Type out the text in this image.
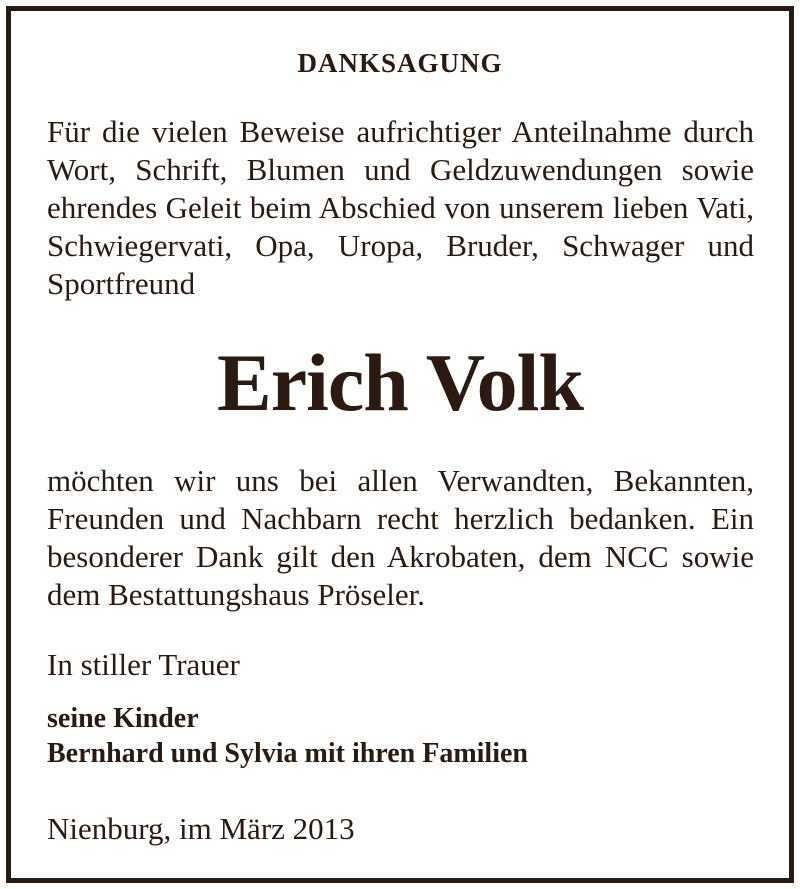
DANKSAGUNG

Für die vielen Beweise aufrichtiger Anteilnahme durch Wort, Schrift, Blumen und Geldzuwendungen sowie ehrendes Geleit beim Abschied von unserem lieben Vati, Schwiegervati, Opa, Uropa, Bruder, Schwager und Sportfreund

Erich Volk

möchten wir uns bei allen Verwandten, Bekannten, Freunden und Nachbarn recht herzlich bedanken. Ein besonderer Dank gilt den Akrobaten, dem NCC sowie dem Bestattungshaus Pröseler.

In stiller Trauer
seine Kinder
Bernhard und Sylvia mit ihren Familien
Nienburg, im März 2013
